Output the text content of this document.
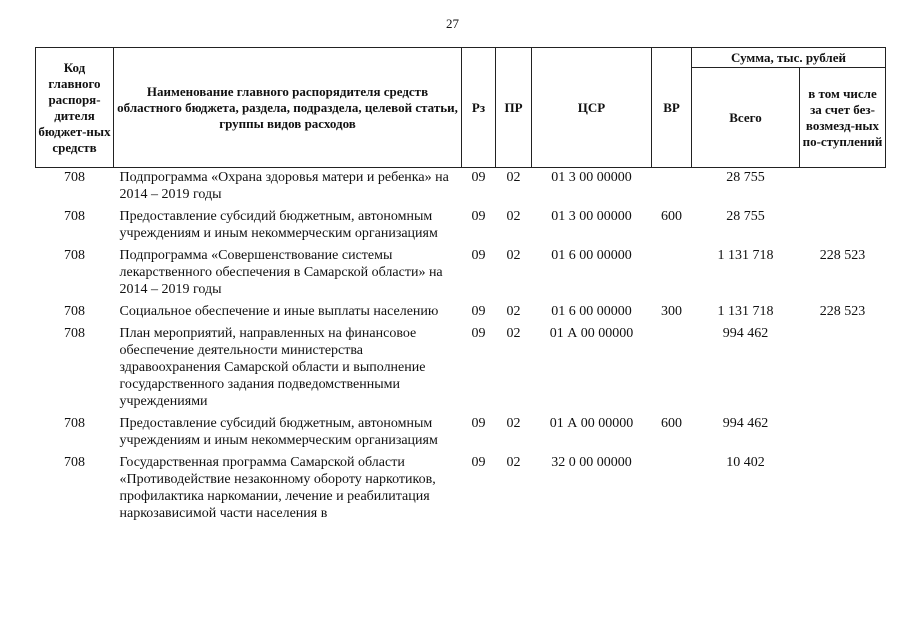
27
Код главного распоря-дителя бюджет-ных средств	Наименование главного распорядителя средств областного бюджета, раздела, подраздела, целевой статьи, группы видов расходов	Рз	ПР	ЦСР	ВР	Сумма, тыс. рублей	
						Всего	в том числе за счет без-возмезд-ных по-ступлений
708	Подпрограмма «Охрана здоровья матери и ребенка» на 2014 – 2019 годы	09	02	01 3 00 00000		28 755	
708	Предоставление субсидий бюджетным, автономным учреждениям и иным некоммерческим организациям	09	02	01 3 00 00000	600	28 755	
708	Подпрограмма «Совершенствование системы лекарственного обеспечения в Самарской области» на 2014 – 2019 годы	09	02	01 6 00 00000		1 131 718	228 523
708	Социальное обеспечение и иные выплаты населению	09	02	01 6 00 00000	300	1 131 718	228 523
708	План мероприятий, направленных на финансовое обеспечение деятельности министерства здравоохранения Самарской области и выполнение государственного задания подведомственными учреждениями	09	02	01 А 00 00000		994 462	
708	Предоставление субсидий бюджетным, автономным учреждениям и иным некоммерческим организациям	09	02	01 А 00 00000	600	994 462	
708	Государственная программа Самарской области «Противодействие незаконному обороту наркотиков, профилактика наркомании, лечение и реабилитация наркозависимой части населения в	09	02	32 0 00 00000		10 402	
